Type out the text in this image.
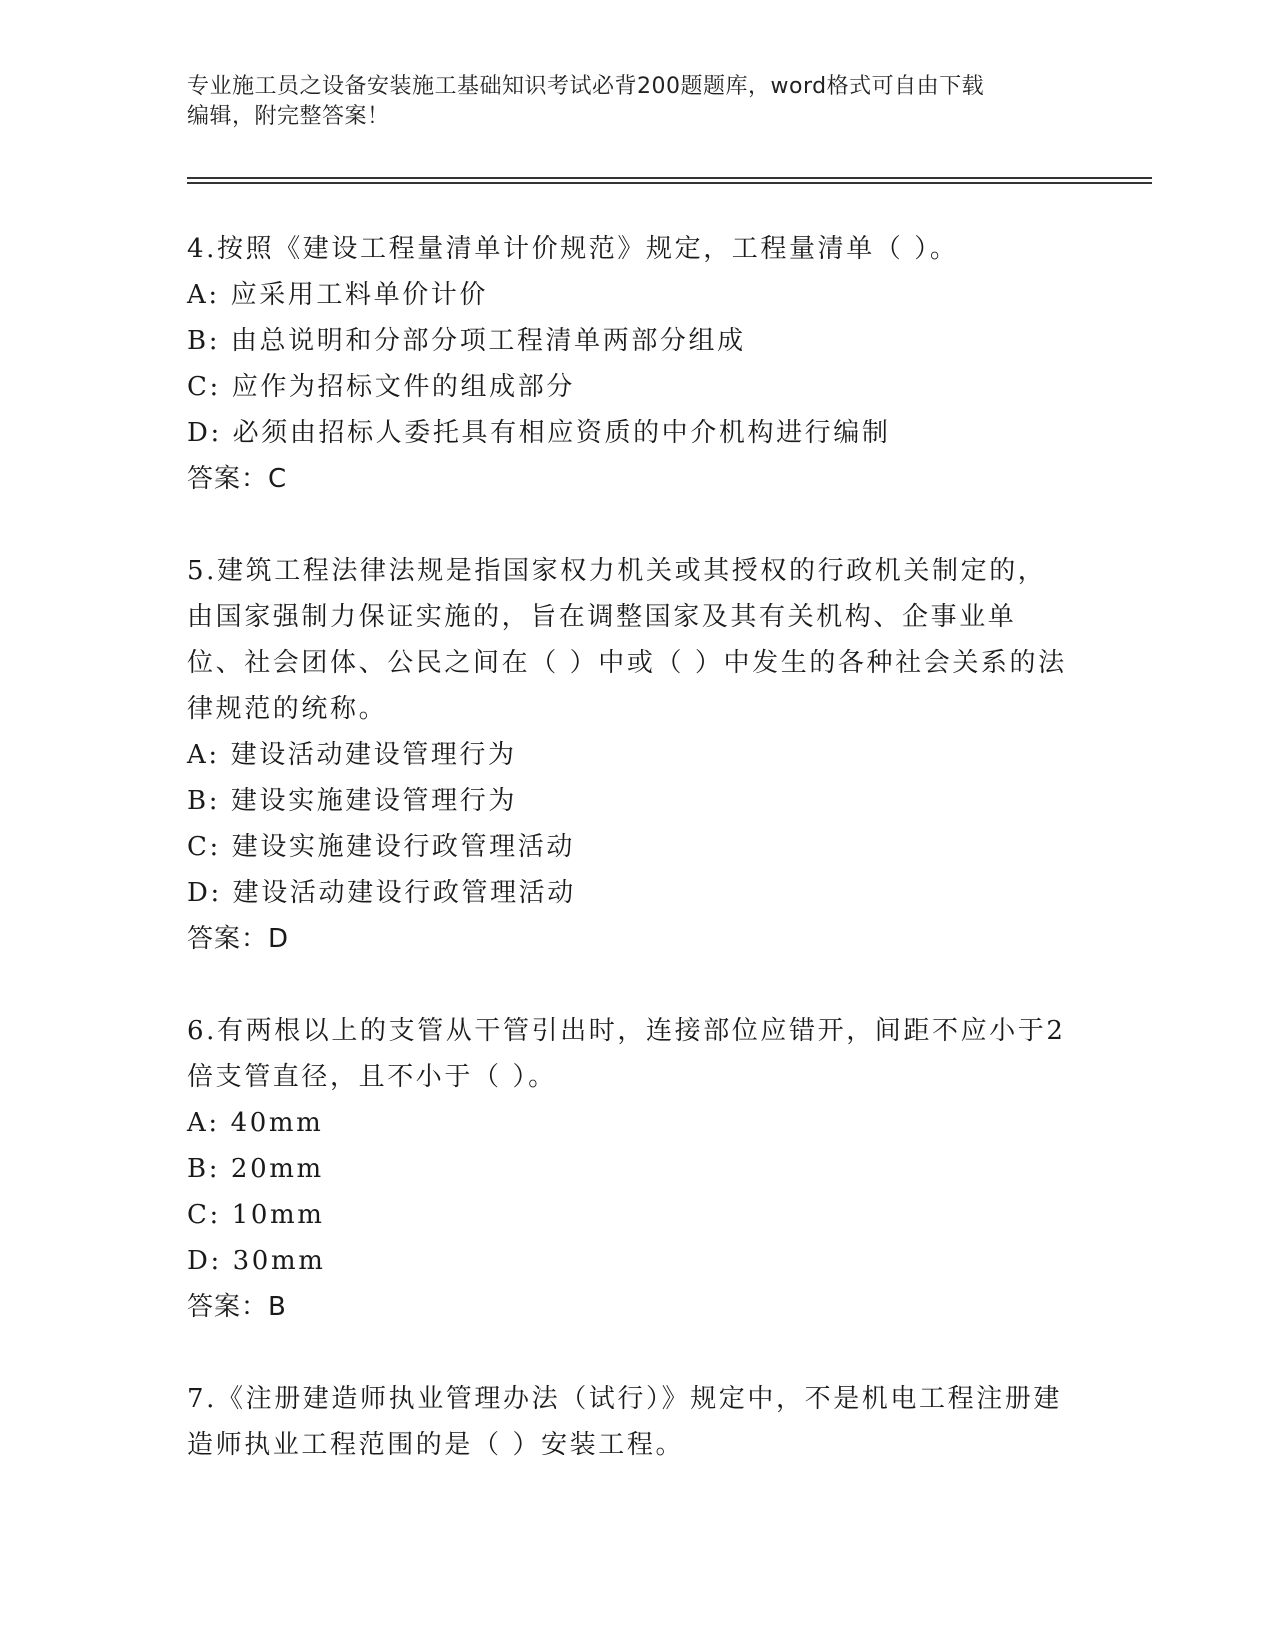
专业施工员之设备安装施工基础知识考试必背200题题库，word格式可自由下载
编辑，附完整答案！

4.按照《建设工程量清单计价规范》规定，工程量清单（ ）。

A: 应采用工料单价计价

B: 由总说明和分部分项工程清单两部分组成

C: 应作为招标文件的组成部分

D: 必须由招标人委托具有相应资质的中介机构进行编制

答案：C

5.建筑工程法律法规是指国家权力机关或其授权的行政机关制定的，由国家强制力保证实施的，旨在调整国家及其有关机构、企事业单位、社会团体、公民之间在（ ）中或（ ）中发生的各种社会关系的法律规范的统称。

A: 建设活动建设管理行为

B: 建设实施建设管理行为

C: 建设实施建设行政管理活动

D: 建设活动建设行政管理活动

答案：D

6.有两根以上的支管从干管引出时，连接部位应错开，间距不应小于2倍支管直径，且不小于（ ）。

A: 40mm

B: 20mm

C: 10mm

D: 30mm

答案：B

7.《注册建造师执业管理办法（试行）》规定中，不是机电工程注册建造师执业工程范围的是（ ）安装工程。
